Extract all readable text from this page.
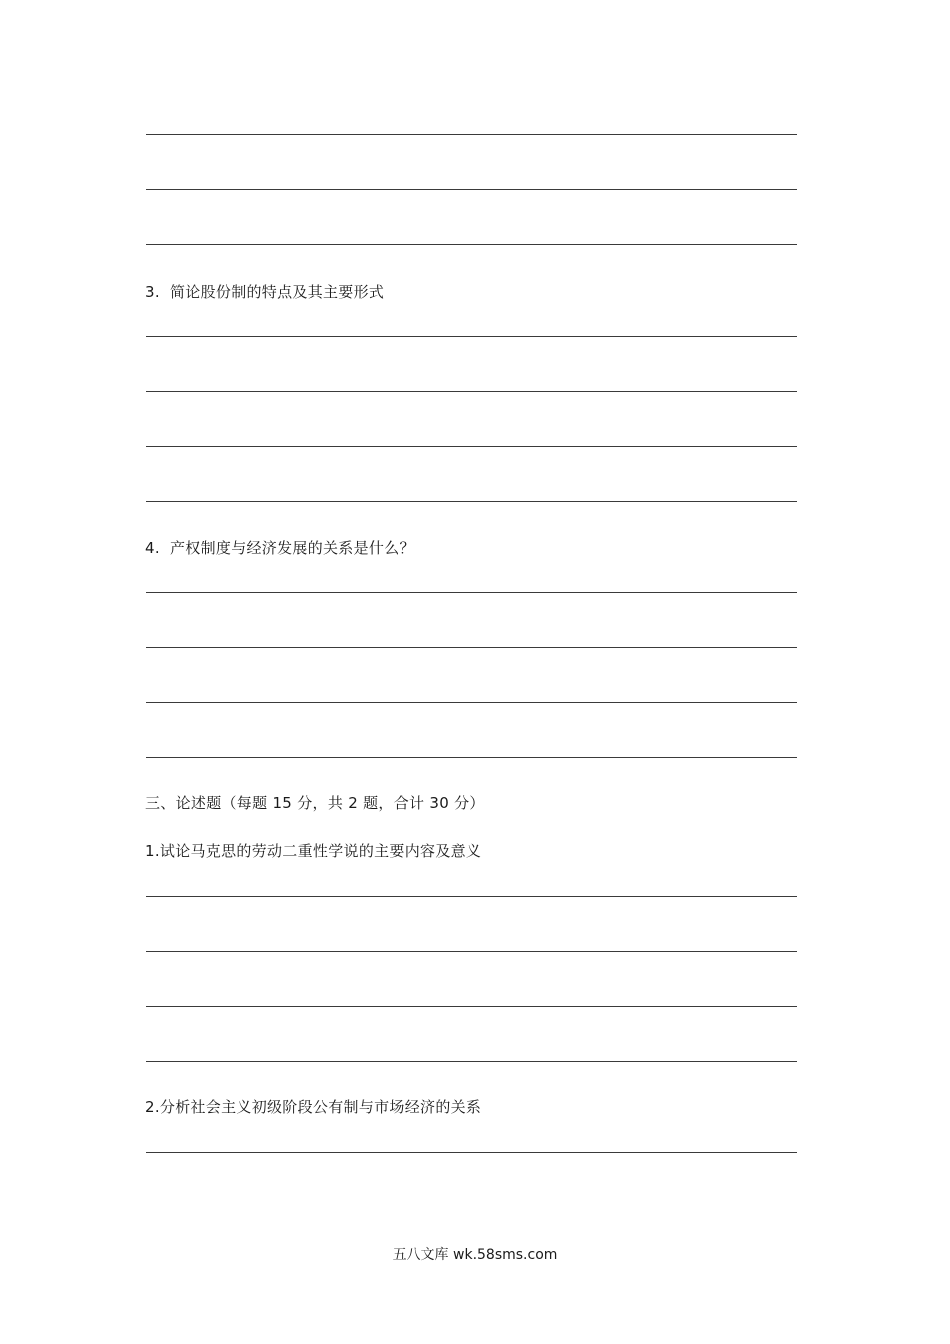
3. 简论股份制的特点及其主要形式
4. 产权制度与经济发展的关系是什么？
三、论述题（每题 15 分，共 2 题，合计 30 分）
1.试论马克思的劳动二重性学说的主要内容及意义
2.分析社会主义初级阶段公有制与市场经济的关系
五八文库 wk.58sms.com
